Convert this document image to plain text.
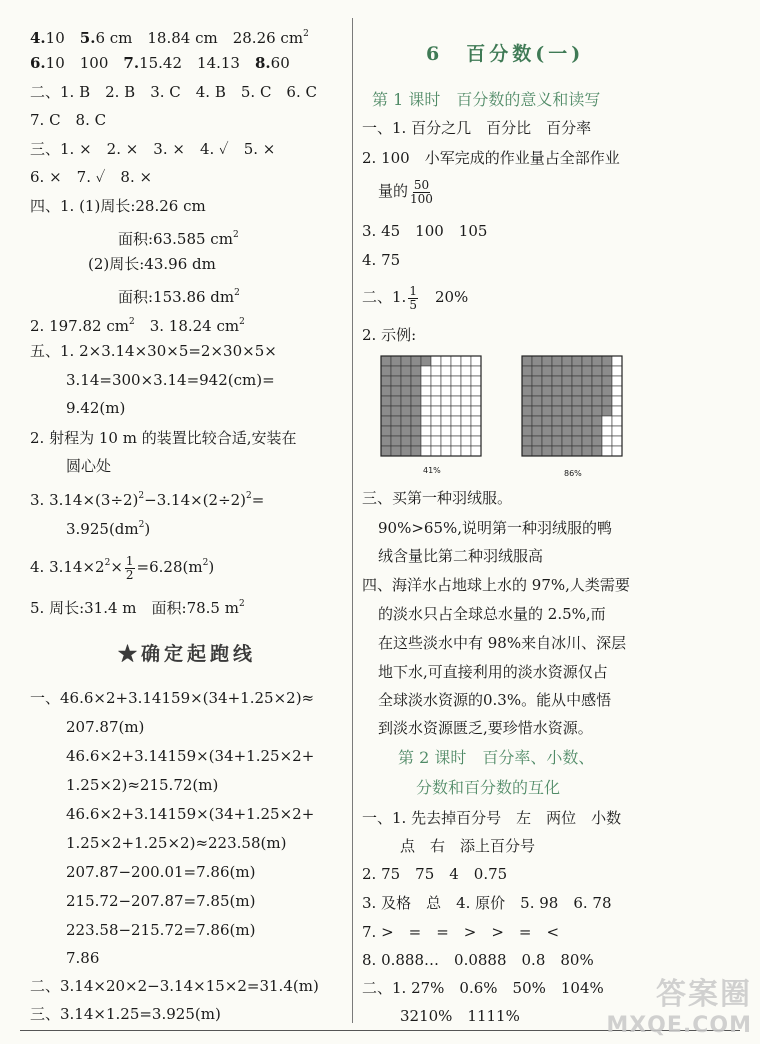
4.10　 5.6 cm　18.84 cm　28.26 $cm^2$
6.10　100　 7.15.42　14.13　 8.60
二、1. B　2. B　3. C　4. B　5. C　6. C
7. C　8. C
三、1. ×　2. ×　3. ×　4. ✓　5. ×
6. ×　7. ✓　8. ×
四、1. (1)周长:28.26 cm
面积:63.585 $cm^2$
(2)周长:43.96 dm
面积:153.86 $dm^2$
2. 197.82 $cm^2$　3. 18.24 $cm^2$
五、1. 2×3.14×30×5=2×30×5×
3.14=300×3.14=942(cm)=
9.42(m)
2. 射程为 10 m 的装置比较合适,安装在
圆心处
3. $3.14\times(3\div 2)^2-3.14\times(2\div 2)^2=$
$3.925(dm^2)$
4. $3.14\times 2^2\times \frac{1}{2} =6.28(m^2)$
5. 周长:31.4 m　面积:78.5 $m^2$
★确定起跑线
一、46.6×2+3.14159×(34+1.25×2)≈
207.87(m)
46.6×2+3.14159×(34+1.25×2+
1.25×2)≈215.72(m)
46.6×2+3.14159×(34+1.25×2+
1.25×2+1.25×2)≈223.58(m)
207.87−200.01=7.86(m)
215.72−207.87=7.85(m)
223.58−215.72=7.86(m)
7.86
二、3.14×20×2−3.14×15×2=31.4(m)
三、3.14×1.25=3.925(m)
6　百分数(一)
第 1 课时　百分数的意义和读写
一、1. 百分之几　百分比　百分率
2. 100　小军完成的作业量占全部作业
量的 $\frac{50}{100}$
3. 45　100　105
4. 75
二、1. $\frac{1}{5}$ 　20%
2. 示例:
41%	86%
三、买第一种羽绒服。
90%>65%,说明第一种羽绒服的鸭
绒含量比第二种羽绒服高
四、海洋水占地球上水的 97%,人类需要
的淡水只占全球总水量的 2.5%,而
在这些淡水中有 98%来自冰川、深层
地下水,可直接利用的淡水资源仅占
全球淡水资源的0.3%。能从中感悟
到淡水资源匮乏,要珍惜水资源。
第 2 课时　百分率、小数、
分数和百分数的互化
一、1. 先去掉百分号　左　两位　小数
点　右　添上百分号
2. 75　75　4　0.75
3. 及格　总　4. 原价　5. 98　6. 78
7. >　=　=　>　>　=　<
8. 0.888…　0.0888　0.8　80%
二、1. 27%　0.6%　50%　104%
3210%　1111%
答案圈
MXQE.COM
